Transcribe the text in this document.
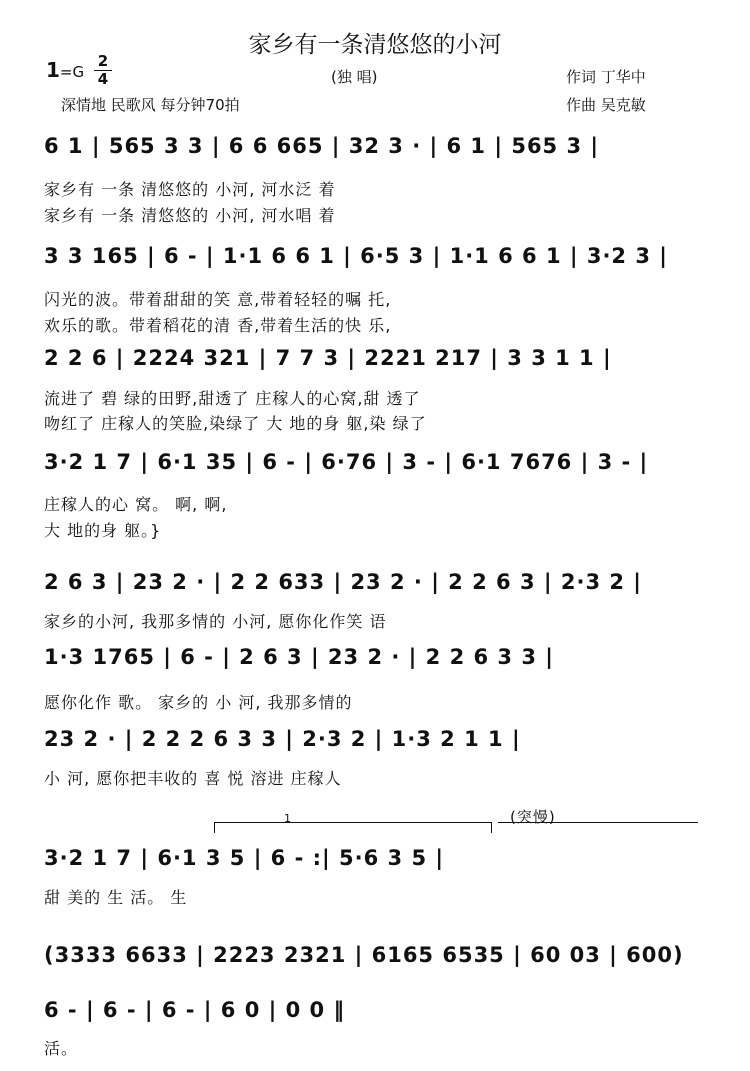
家乡有一条清悠悠的小河
1=G
2
4	(独 唱)	作词 丁华中
作曲 吴克敏
深情地 民歌风 每分钟70拍
6 1 | 565 3 3 | 6 6 665 | 32 3 · | 6 1 | 565 3 |
家乡有 一条 清悠悠的 小河, 河水泛 着
家乡有 一条 清悠悠的 小河, 河水唱 着
3 3 165 | 6 - | 1·1 6 6 1 | 6·5 3 | 1·1 6 6 1 | 3·2 3 |
闪光的波。带着甜甜的笑 意,带着轻轻的嘱 托,
欢乐的歌。带着稻花的清 香,带着生活的快 乐,
2 2 6 | 2224 321 | 7 7 3 | 2221 217 | 3 3 1 1 |
流进了 碧 绿的田野,甜透了 庄稼人的心窝,甜 透了
吻红了 庄稼人的笑脸,染绿了 大 地的身 躯,染 绿了
3·2 1 7 | 6·1 35 | 6 - | 6·76 | 3 - | 6·1 7676 | 3 - |
庄稼人的心 窝。 啊, 啊,
大 地的身 躯。}
2 6 3 | 23 2 · | 2 2 633 | 23 2 · | 2 2 6 3 | 2·3 2 |
家乡的小河, 我那多情的 小河, 愿你化作笑 语
1·3 1765 | 6 - | 2 6 3 | 23 2 · | 2 2 6 3 3 |
愿你化作 歌。 家乡的 小 河, 我那多情的
23 2 · | 2 2 2 6 3 3 | 2·3 2 | 1·3 2 1 1 |
小 河, 愿你把丰收的 喜 悦 溶进 庄稼人
(突慢)
1
3·2 1 7 | 6·1 3 5 | 6 - :| 5·6 3 5 |
甜 美的 生 活。 生
(3333 6633 | 2223 2321 | 6165 6535 | 60 03 | 600)
6 - | 6 - | 6 - | 6 0 | 0 0 ‖
活。
